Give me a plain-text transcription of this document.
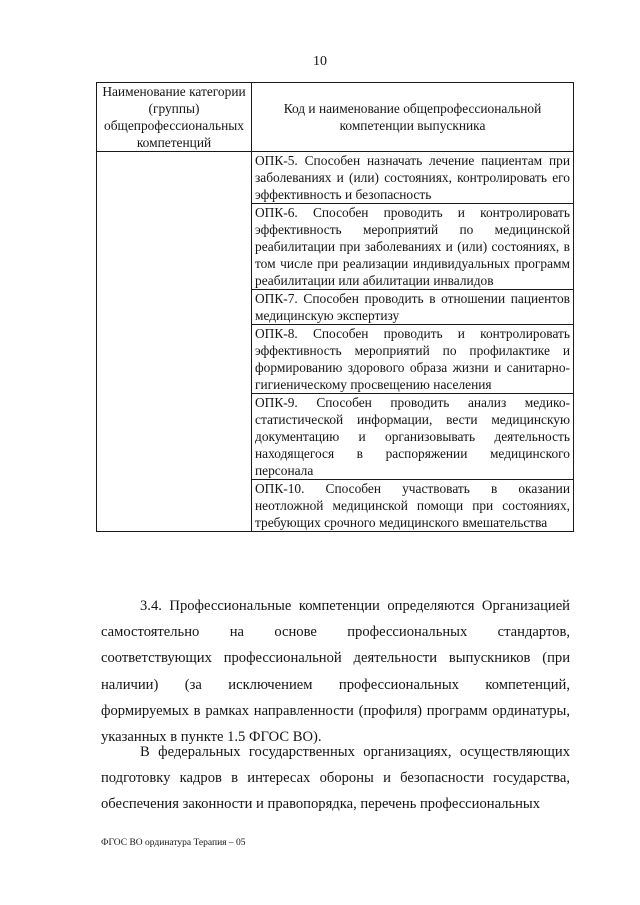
10
Наименование категории (группы) общепрофессиональных компетенций	Код и наименование общепрофессиональной компетенции выпускника
	ОПК-5. Способен назначать лечение пациентам при заболеваниях и (или) состояниях, контролировать его эффективность и безопасность
	ОПК-6. Способен проводить и контролировать эффективность мероприятий по медицинской реабилитации при заболеваниях и (или) состояниях, в том числе при реализации индивидуальных программ реабилитации или абилитации инвалидов
	ОПК-7. Способен проводить в отношении пациентов медицинскую экспертизу
	ОПК-8. Способен проводить и контролировать эффективность мероприятий по профилактике и формированию здорового образа жизни и санитарно-гигиеническому просвещению населения
	ОПК-9. Способен проводить анализ медико-статистической информации, вести медицинскую документацию и организовывать деятельность находящегося в распоряжении медицинского персонала
	ОПК-10. Способен участвовать в оказании неотложной медицинской помощи при состояниях, требующих срочного медицинского вмешательства
3.4. Профессиональные компетенции определяются Организацией самостоятельно на основе профессиональных стандартов, соответствующих профессиональной деятельности выпускников (при наличии) (за исключением профессиональных компетенций, формируемых в рамках направленности (профиля) программ ординатуры, указанных в пункте 1.5 ФГОС ВО).
В федеральных государственных организациях, осуществляющих подготовку кадров в интересах обороны и безопасности государства, обеспечения законности и правопорядка, перечень профессиональных
ФГОС ВО ординатура Терапия – 05
